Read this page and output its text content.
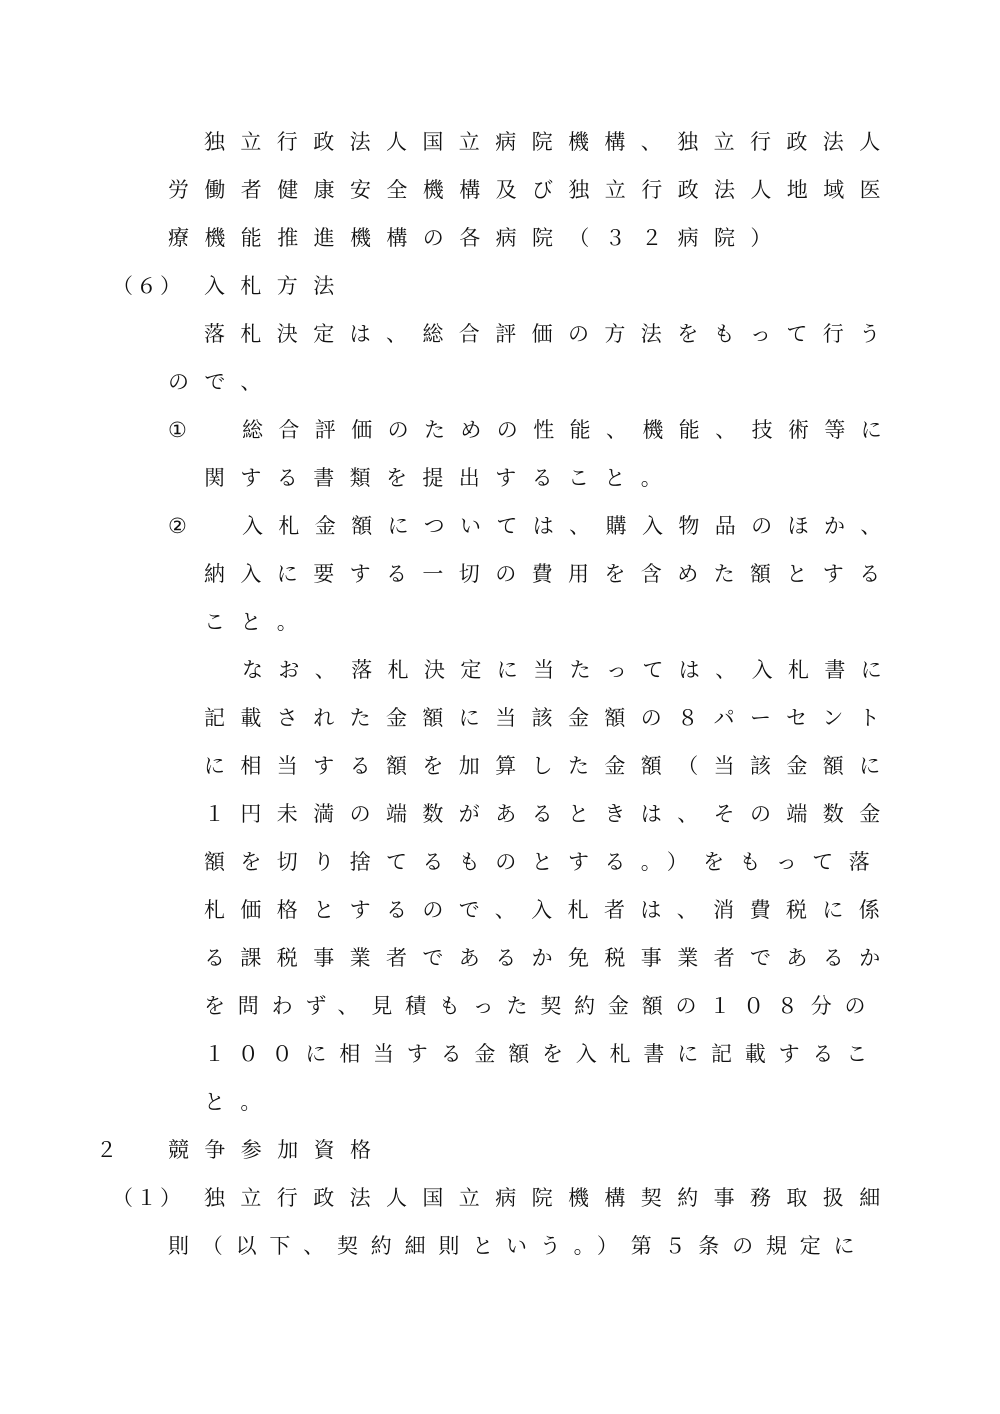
独立行政法人国立病院機構、独立行政法人
労働者健康安全機構及び独立行政法人地域医
療機能推進機構の各病院（３２病院）
（６） 入札方法
落札決定は、総合評価の方法をもって行う
ので、
① 総合評価のための性能、機能、技術等に
関する書類を提出すること。
② 入札金額については、購入物品のほか、
納入に要する一切の費用を含めた額とする
こと。
なお、落札決定に当たっては、入札書に
記載された金額に当該金額の８パーセント
に相当する額を加算した金額（当該金額に
１円未満の端数があるときは、その端数金
額を切り捨てるものとする。）をもって落
札価格とするので、入札者は、消費税に係
る課税事業者であるか免税事業者であるか
を問わず、見積もった契約金額の１０８分の
１００に相当する金額を入札書に記載するこ
と。
２ 競争参加資格
（１） 独立行政法人国立病院機構契約事務取扱細
則（以下、契約細則という。）第５条の規定に
